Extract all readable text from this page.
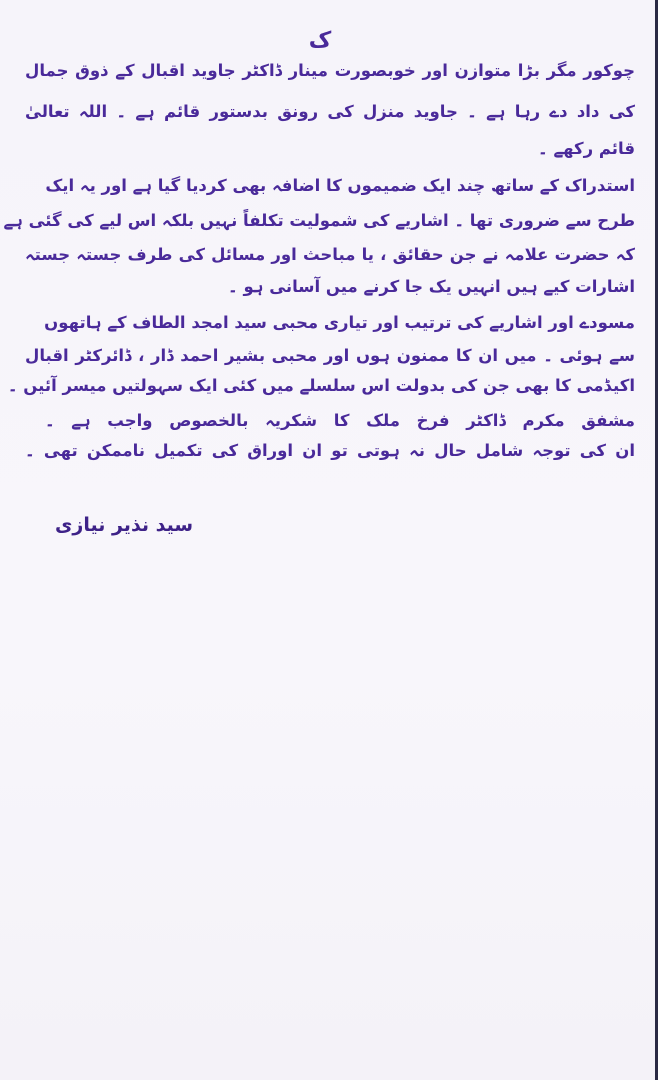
ک
چوکور مگر بڑا متوازن اور خوبصورت مینار ڈاکٹر جاوید اقبال کے ذوق جمال
کی داد دے رہا ہے ۔ جاوید منزل کی رونق بدستور قائم ہے ۔ اللہ تعالیٰ
قائم رکھے ۔
استدراک کے ساتھ چند ایک ضمیموں کا اضافہ بھی کردیا گیا ہے اور یہ ایک
طرح سے ضروری تھا ۔ اشاریے کی شمولیت تکلفاً نہیں بلکہ اس لیے کی گئی ہے
کہ حضرت علامہ نے جن حقائق ، یا مباحث اور مسائل کی طرف جستہ جستہ
اشارات کیے ہیں انہیں یک جا کرنے میں آسانی ہو ۔
مسودے اور اشاریے کی ترتیب اور تیاری محبی سید امجد الطاف کے ہاتھوں
سے ہوئی ۔ میں ان کا ممنون ہوں اور محبی بشیر احمد ڈار ، ڈائرکٹر اقبال
اکیڈمی کا بھی جن کی بدولت اس سلسلے میں کئی ایک سہولتیں میسر آئیں ۔
مشفق مکرم ڈاکٹر فرخ ملک کا شکریہ بالخصوص واجب ہے ۔
ان کی توجہ شامل حال نہ ہوتی تو ان اوراق کی تکمیل ناممکن تھی ۔
سید نذیر نیازی
